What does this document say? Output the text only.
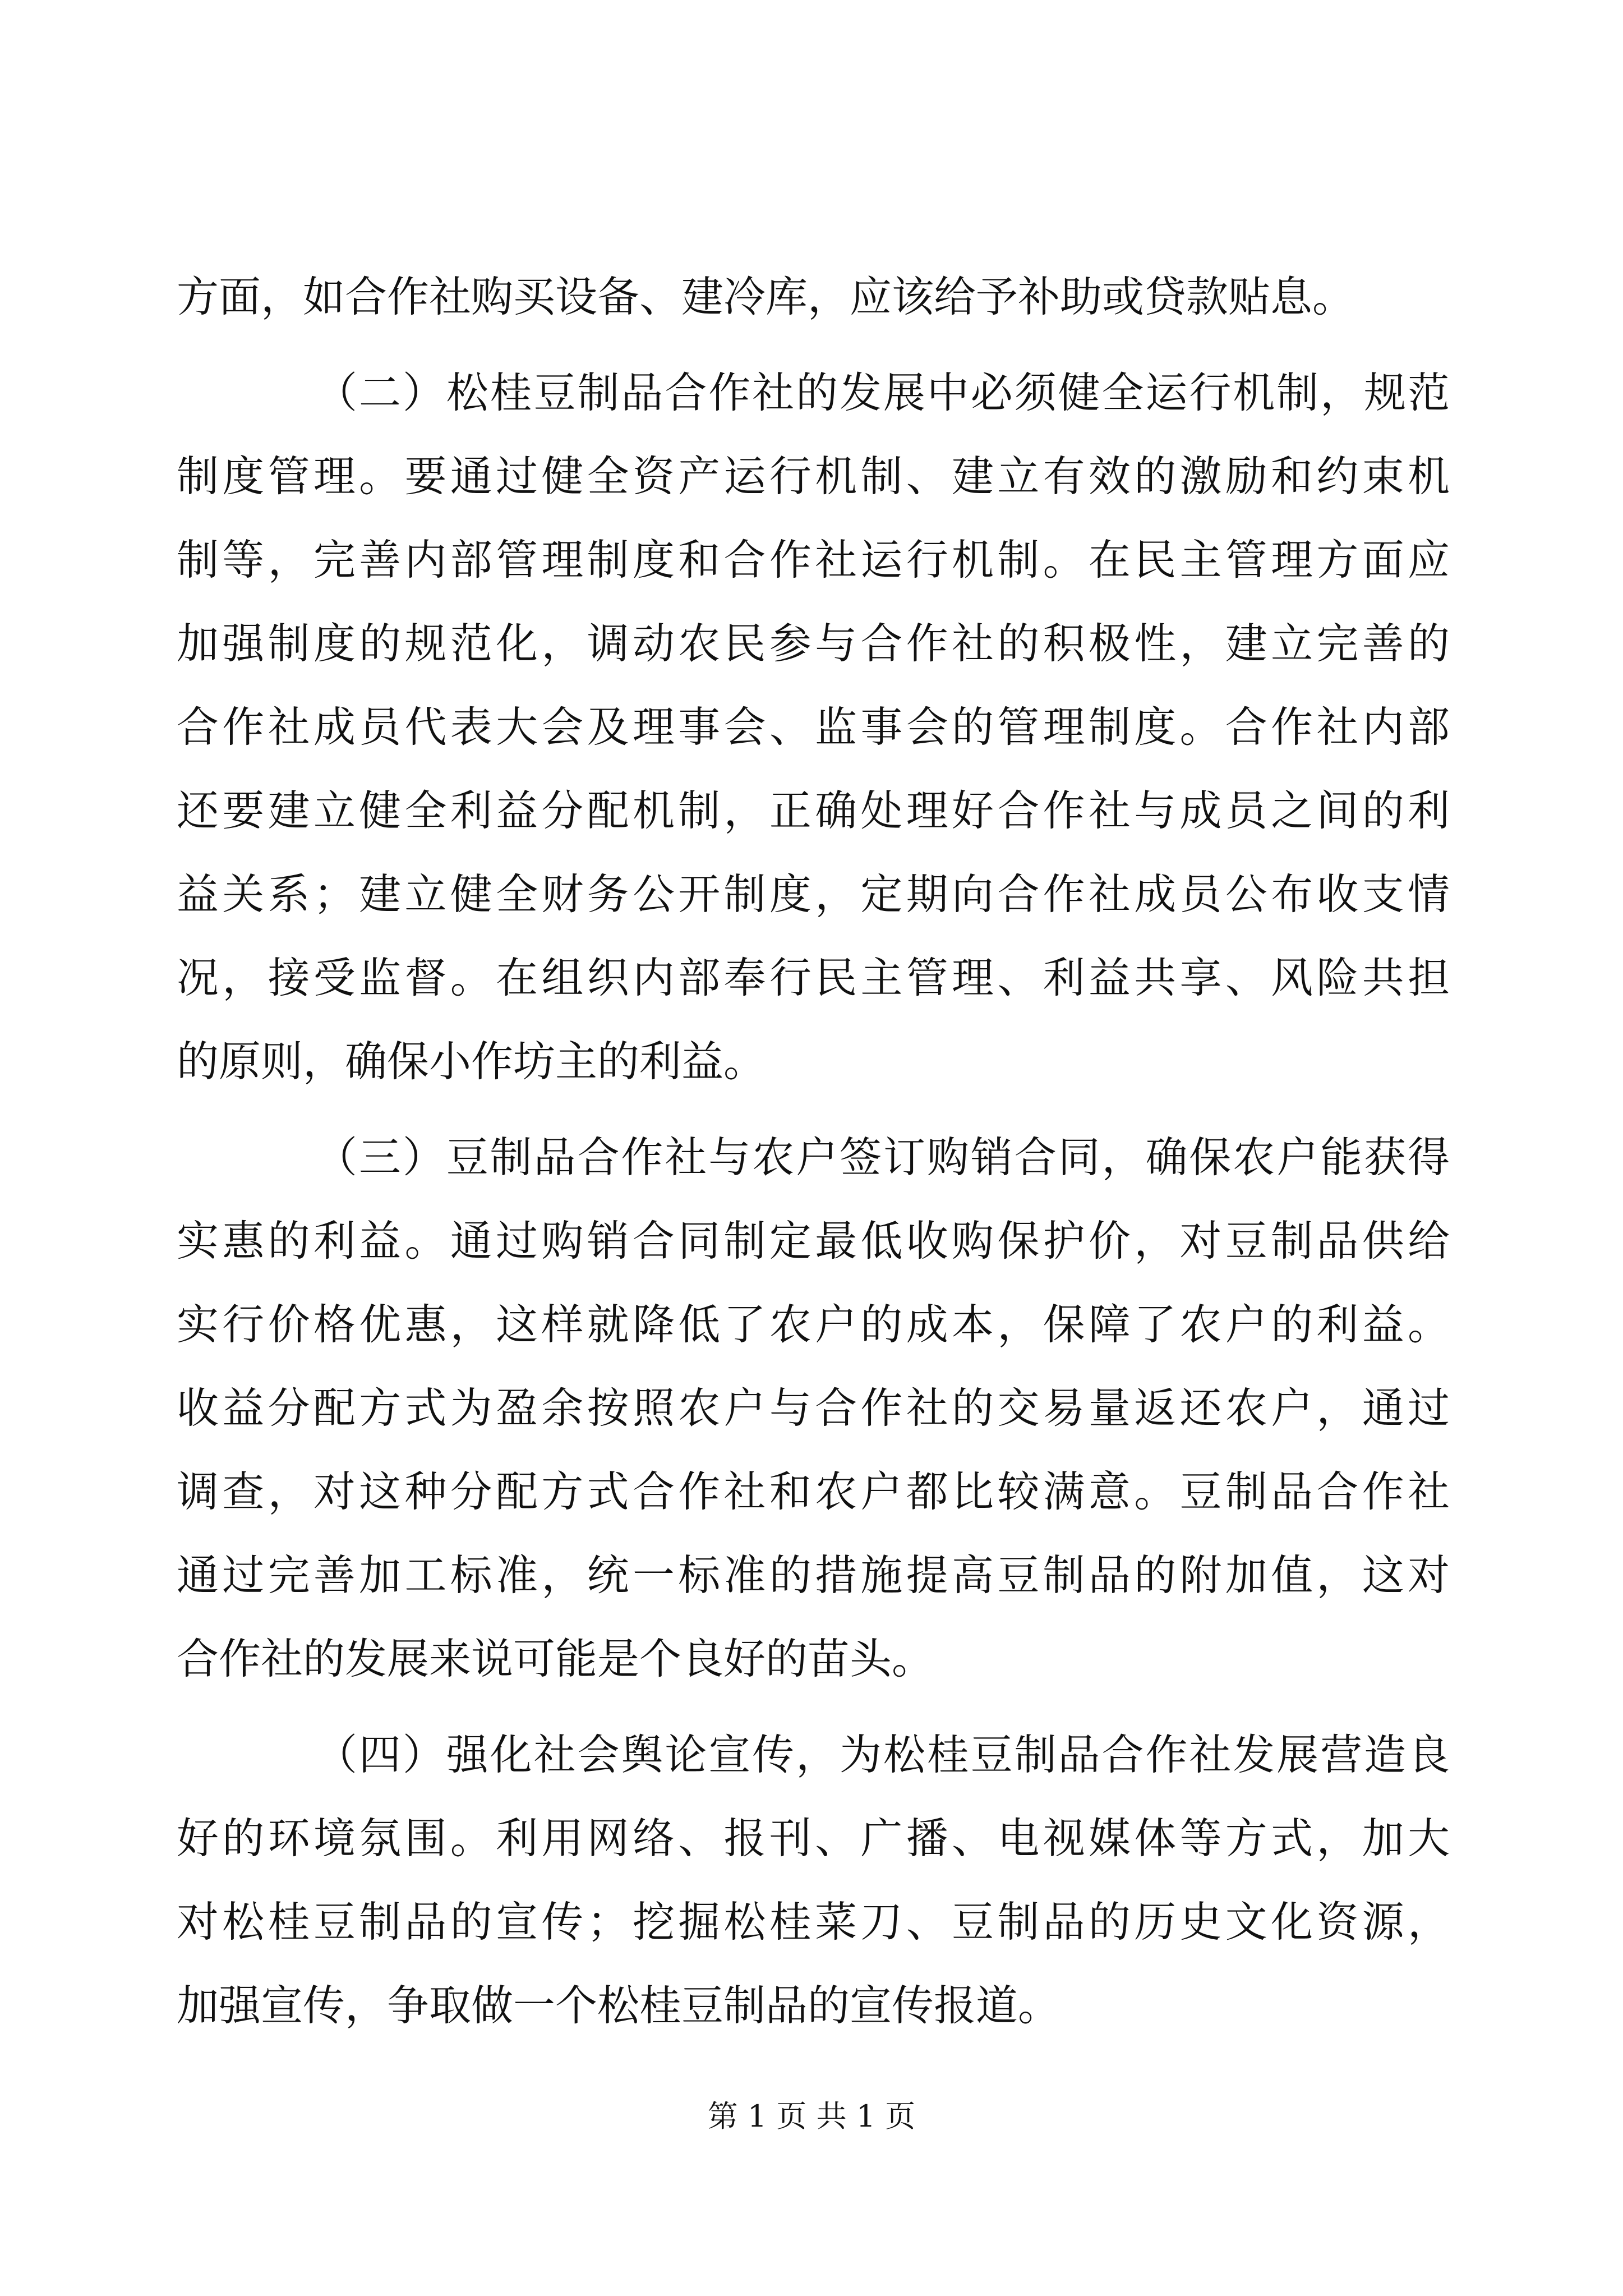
方面，如合作社购买设备、建冷库，应该给予补助或贷款贴息。
（二）松桂豆制品合作社的发展中必须健全运行机制，规范
制度管理。要通过健全资产运行机制、建立有效的激励和约束机
制等，完善内部管理制度和合作社运行机制。在民主管理方面应
加强制度的规范化，调动农民参与合作社的积极性，建立完善的
合作社成员代表大会及理事会、监事会的管理制度。合作社内部
还要建立健全利益分配机制，正确处理好合作社与成员之间的利
益关系；建立健全财务公开制度，定期向合作社成员公布收支情
况，接受监督。在组织内部奉行民主管理、利益共享、风险共担
的原则，确保小作坊主的利益。
（三）豆制品合作社与农户签订购销合同，确保农户能获得
实惠的利益。通过购销合同制定最低收购保护价，对豆制品供给
实行价格优惠，这样就降低了农户的成本，保障了农户的利益。
收益分配方式为盈余按照农户与合作社的交易量返还农户，通过
调查，对这种分配方式合作社和农户都比较满意。豆制品合作社
通过完善加工标准，统一标准的措施提高豆制品的附加值，这对
合作社的发展来说可能是个良好的苗头。
（四）强化社会舆论宣传，为松桂豆制品合作社发展营造良
好的环境氛围。利用网络、报刊、广播、电视媒体等方式，加大
对松桂豆制品的宣传；挖掘松桂菜刀、豆制品的历史文化资源，
加强宣传，争取做一个松桂豆制品的宣传报道。
第 1 页 共 1 页
